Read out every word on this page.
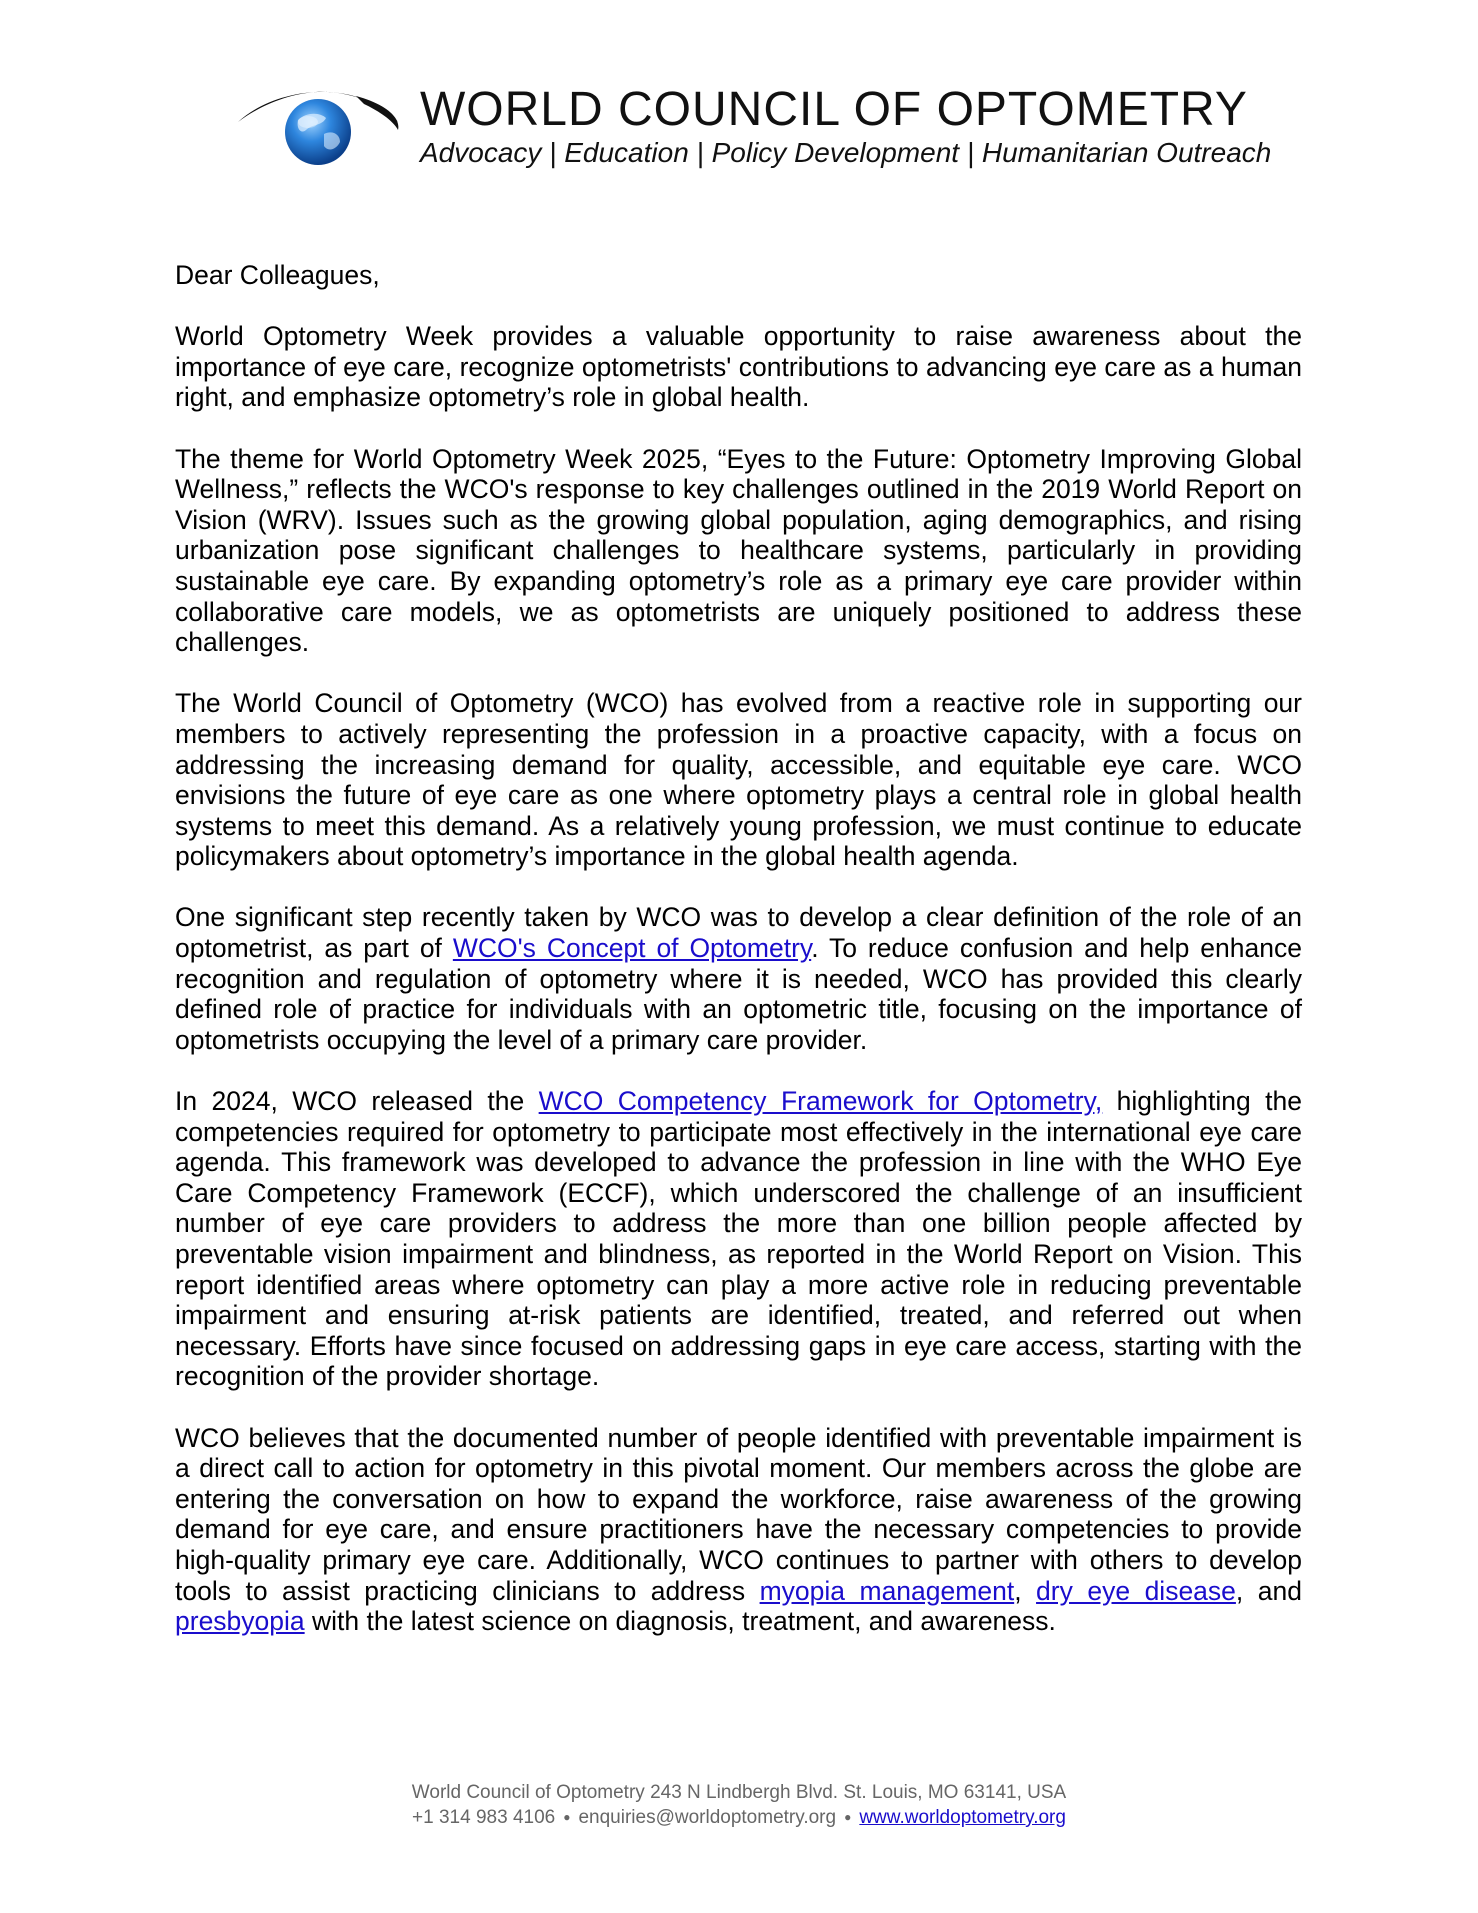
WORLD COUNCIL OF OPTOMETRY
Advocacy | Education | Policy Development | Humanitarian Outreach

Dear Colleagues,

World Optometry Week provides a valuable opportunity to raise awareness about the importance of eye care, recognize optometrists' contributions to advancing eye care as a human right, and emphasize optometry’s role in global health.

The theme for World Optometry Week 2025, “Eyes to the Future: Optometry Improving Global Wellness,” reflects the WCO's response to key challenges outlined in the 2019 World Report on Vision (WRV). Issues such as the growing global population, aging demographics, and rising urbanization pose significant challenges to healthcare systems, particularly in providing sustainable eye care. By expanding optometry’s role as a primary eye care provider within collaborative care models, we as optometrists are uniquely positioned to address these challenges.

The World Council of Optometry (WCO) has evolved from a reactive role in supporting our members to actively representing the profession in a proactive capacity, with a focus on addressing the increasing demand for quality, accessible, and equitable eye care. WCO envisions the future of eye care as one where optometry plays a central role in global health systems to meet this demand. As a relatively young profession, we must continue to educate policymakers about optometry’s importance in the global health agenda.

One significant step recently taken by WCO was to develop a clear definition of the role of an optometrist, as part of WCO's Concept of Optometry. To reduce confusion and help enhance recognition and regulation of optometry where it is needed, WCO has provided this clearly defined role of practice for individuals with an optometric title, focusing on the importance of optometrists occupying the level of a primary care provider.

In 2024, WCO released the WCO Competency Framework for Optometry, highlighting the competencies required for optometry to participate most effectively in the international eye care agenda. This framework was developed to advance the profession in line with the WHO Eye Care Competency Framework (ECCF), which underscored the challenge of an insufficient number of eye care providers to address the more than one billion people affected by preventable vision impairment and blindness, as reported in the World Report on Vision. This report identified areas where optometry can play a more active role in reducing preventable impairment and ensuring at-risk patients are identified, treated, and referred out when necessary. Efforts have since focused on addressing gaps in eye care access, starting with the recognition of the provider shortage.

WCO believes that the documented number of people identified with preventable impairment is a direct call to action for optometry in this pivotal moment. Our members across the globe are entering the conversation on how to expand the workforce, raise awareness of the growing demand for eye care, and ensure practitioners have the necessary competencies to provide high-quality primary eye care. Additionally, WCO continues to partner with others to develop tools to assist practicing clinicians to address myopia management, dry eye disease, and presbyopia with the latest science on diagnosis, treatment, and awareness.

World Council of Optometry 243 N Lindbergh Blvd. St. Louis, MO 63141, USA
+1 314 983 4106 ● enquiries@worldoptometry.org ● www.worldoptometry.org
